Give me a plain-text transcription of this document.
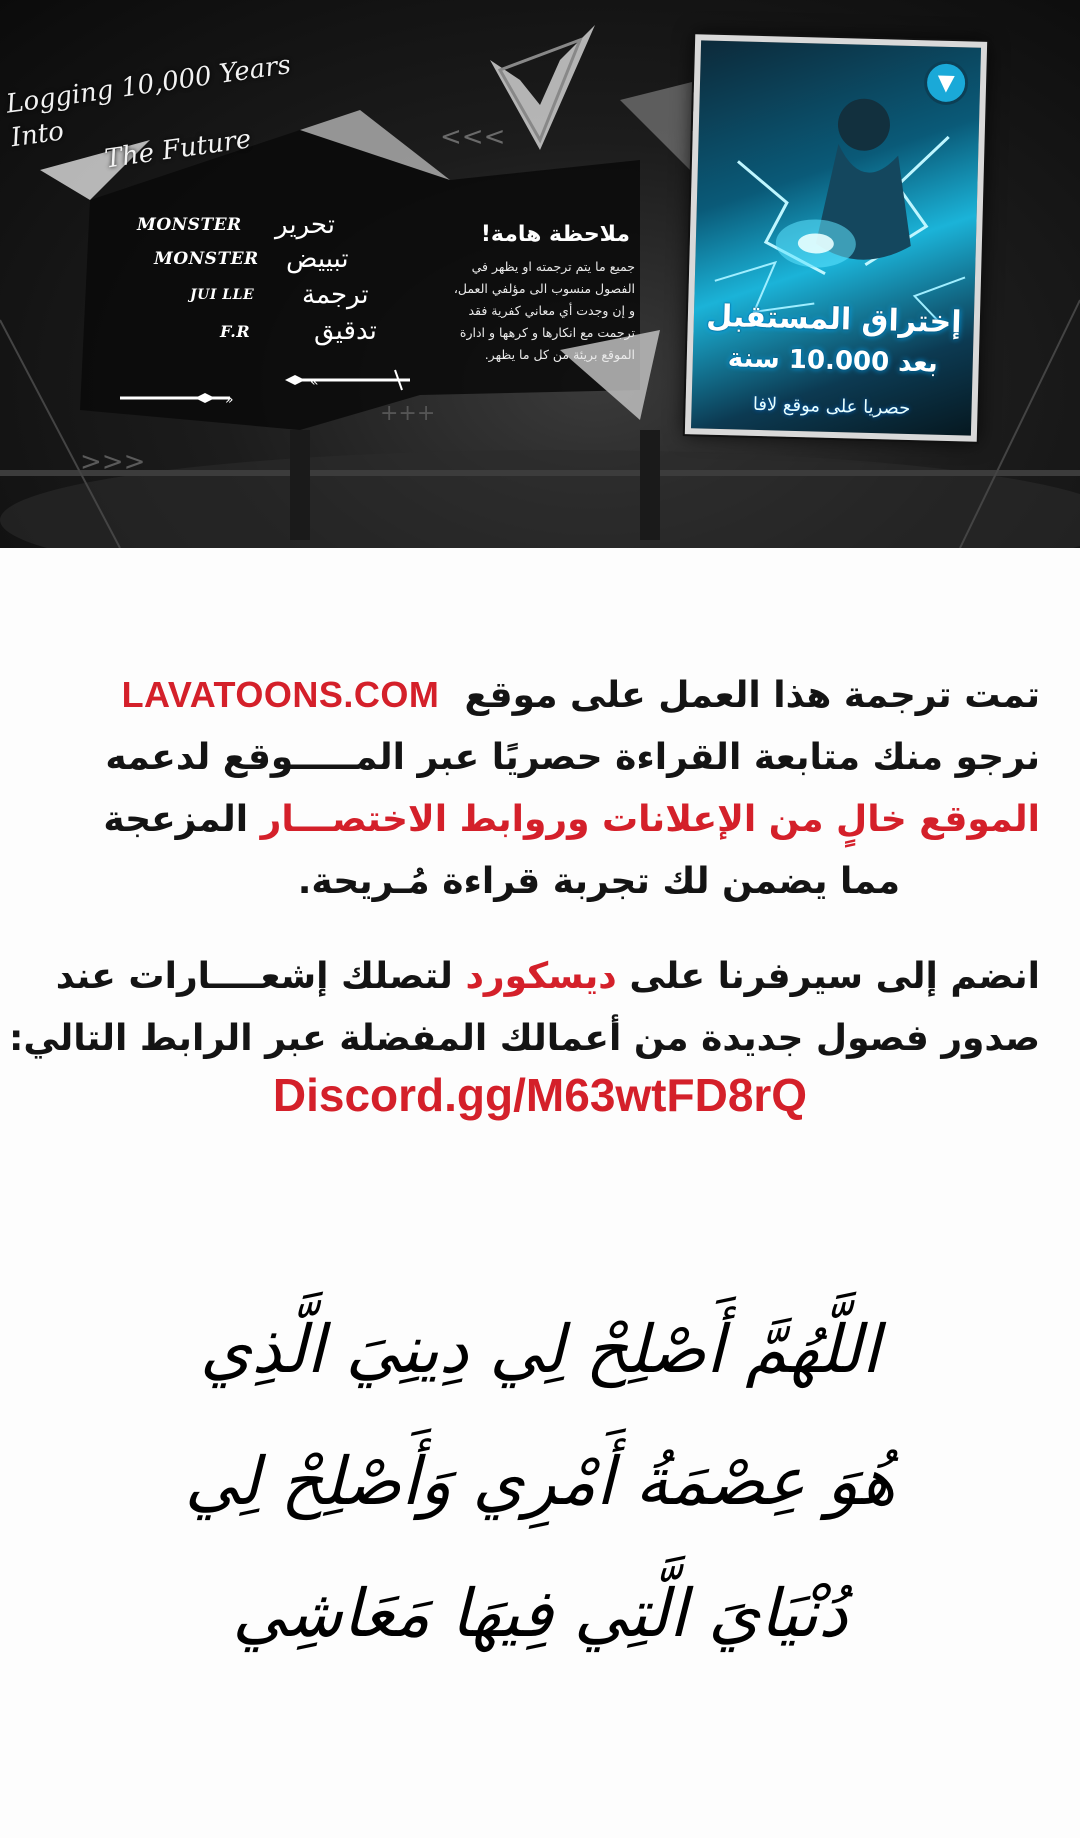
<<<
>>>
+++
»
«
Logging 10,000 Years Into	The Future
MONSTER	تحرير
MONSTER	تبييض
JUI LLE	ترجمة
F.R	تدقيق
ملاحظة هامة!
جميع ما يتم ترجمته او يظهر في
الفصول منسوب الى مؤلفي العمل،
و إن وجدت أي معاني كفرية فقد
ترجمت مع انكارها و كرهها و ادارة
الموقع بريئة من كل ما يظهر.
▼
إختراق المستقبل
بعد 10.000 سنة
حصريا على موقع لافا
تمت ترجمة هذا العمل على موقع  LAVATOONS.COM
نرجو منك متابعة القراءة حصريًا عبر المـــــوقع لدعمه
الموقع خالٍ من الإعلانات وروابط الاختصـــار المزعجة
مما يضمن لك تجربة قراءة مُـريحة.
انضم إلى سيرفرنا على ديسكورد لتصلك إشعــــارات عند
صدور فصول جديدة من أعمالك المفضلة عبر الرابط التالي:
Discord.gg/M63wtFD8rQ
اللَّهُمَّ أَصْلِحْ لِي دِينِيَ الَّذِي
هُوَ عِصْمَةُ أَمْرِي وَأَصْلِحْ لِي
دُنْيَايَ الَّتِي فِيهَا مَعَاشِي
